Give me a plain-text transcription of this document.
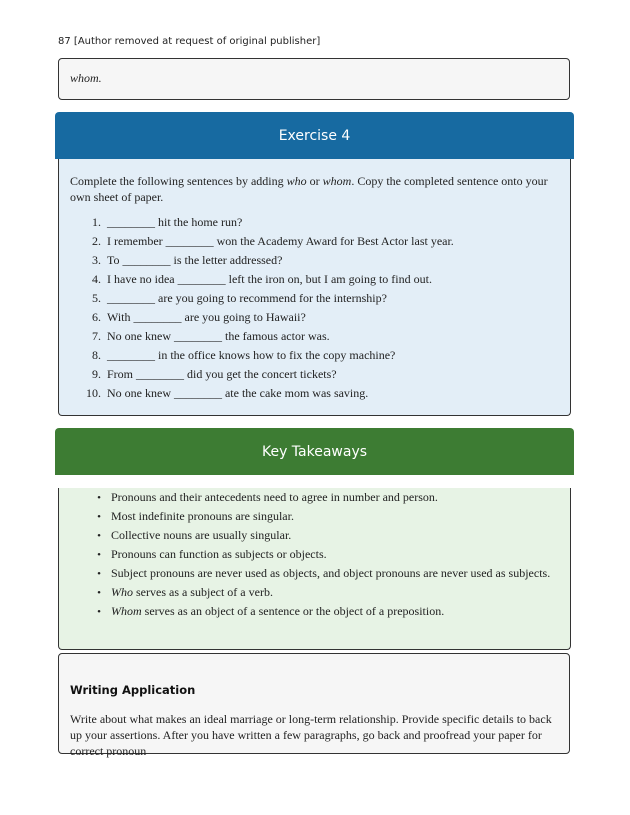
87 [Author removed at request of original publisher]

whom.

Exercise 4

Complete the following sentences by adding who or whom. Copy the completed sentence onto your own sheet of paper.

1. ________ hit the home run?
2. I remember ________ won the Academy Award for Best Actor last year.
3. To ________ is the letter addressed?
4. I have no idea ________ left the iron on, but I am going to find out.
5. ________ are you going to recommend for the internship?
6. With ________ are you going to Hawaii?
7. No one knew ________ the famous actor was.
8. ________ in the office knows how to fix the copy machine?
9. From ________ did you get the concert tickets?
10. No one knew ________ ate the cake mom was saving.
Key Takeaways
• Pronouns and their antecedents need to agree in number and person.
• Most indefinite pronouns are singular.
• Collective nouns are usually singular.
• Pronouns can function as subjects or objects.
• Subject pronouns are never used as objects, and object pronouns are never used as subjects.
• Who serves as a subject of a verb.
• Whom serves as an object of a sentence or the object of a preposition.
Writing Application

Write about what makes an ideal marriage or long-term relationship. Provide specific details to back up your assertions. After you have written a few paragraphs, go back and proofread your paper for correct pronoun
